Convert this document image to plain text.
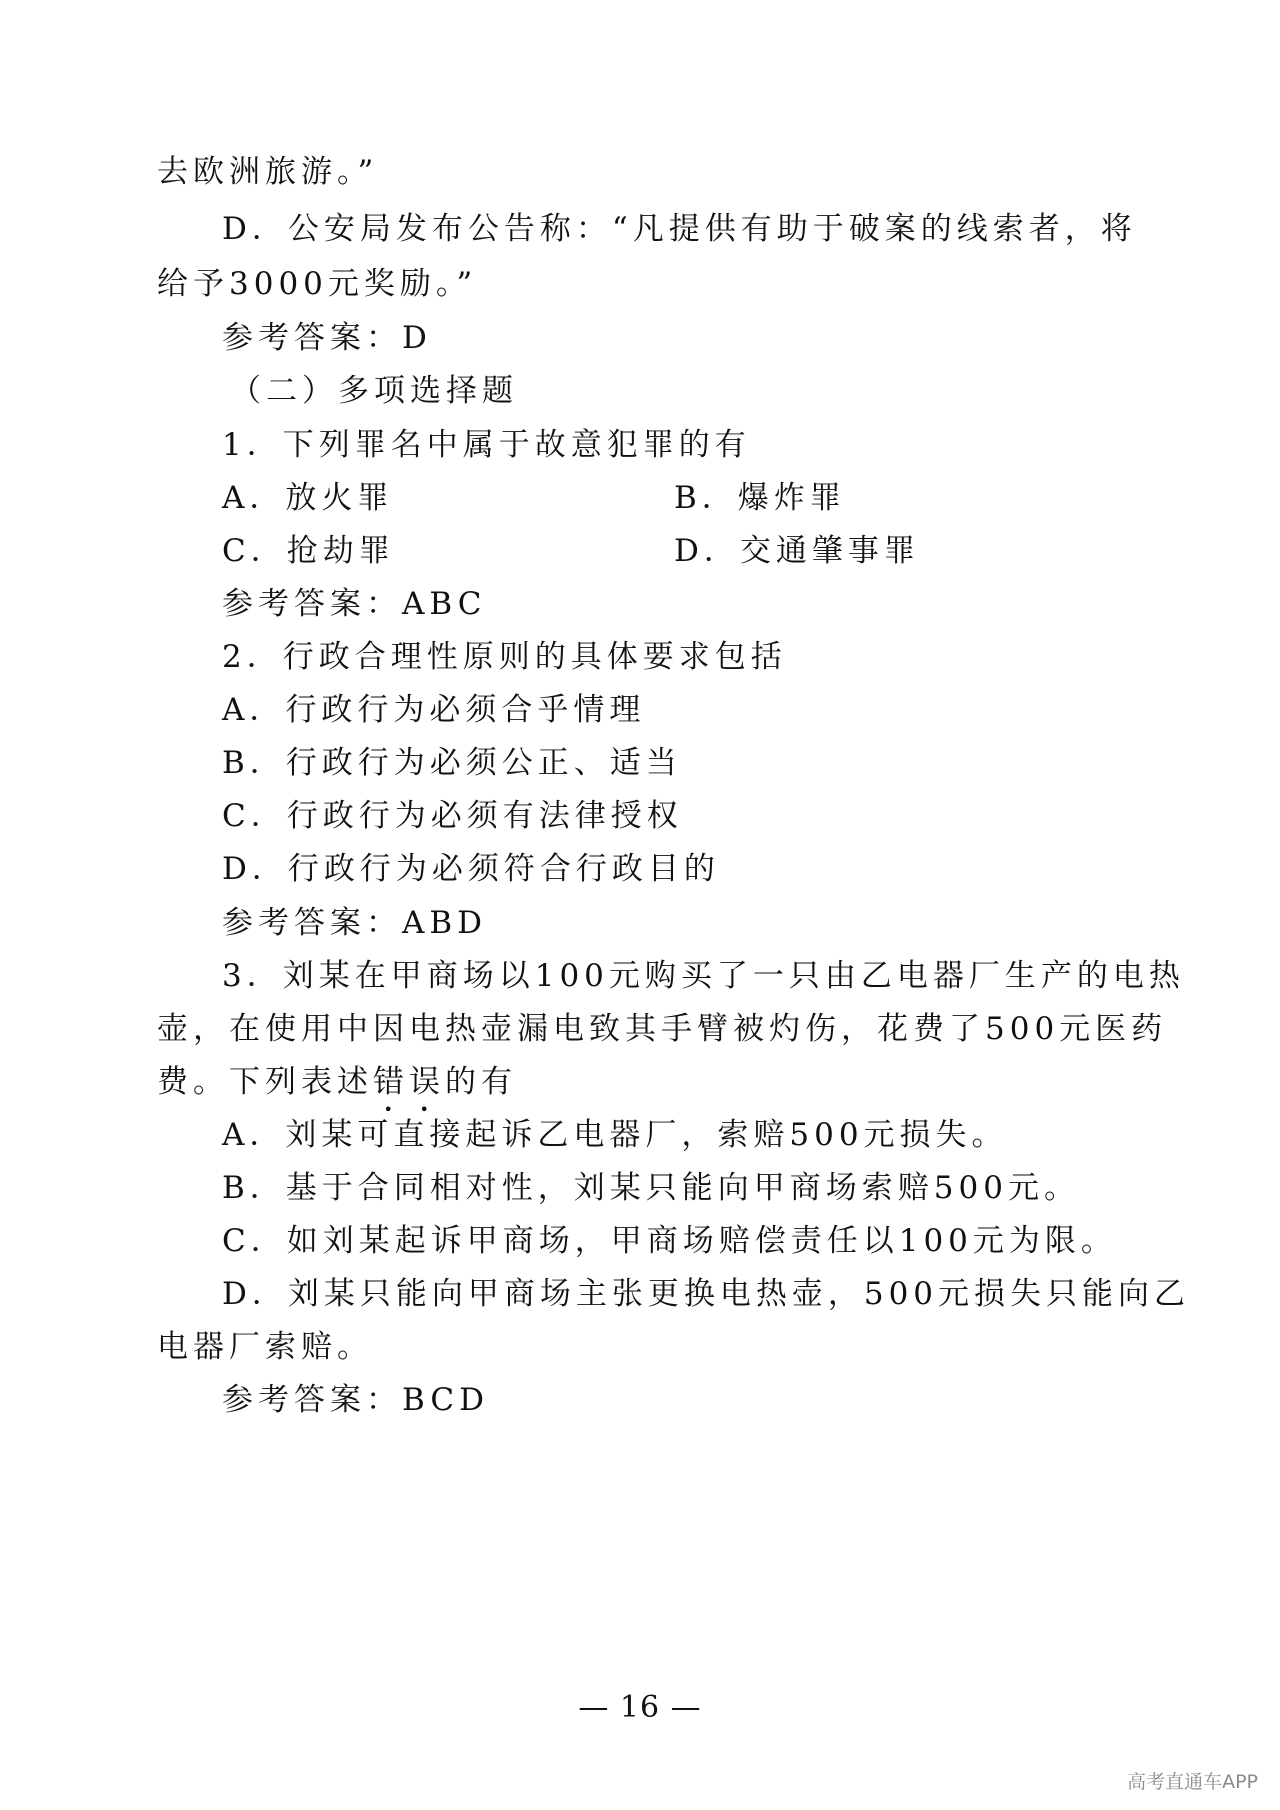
去欧洲旅游。”
D．公安局发布公告称：“凡提供有助于破案的线索者，将
给予3000元奖励。”
参考答案：D
（二）多项选择题
1．下列罪名中属于故意犯罪的有
A．放火罪	B．爆炸罪
C．抢劫罪	D．交通肇事罪
参考答案：ABC
2．行政合理性原则的具体要求包括
A．行政行为必须合乎情理
B．行政行为必须公正、适当
C．行政行为必须有法律授权
D．行政行为必须符合行政目的
参考答案：ABD
3．刘某在甲商场以100元购买了一只由乙电器厂生产的电热
壶，在使用中因电热壶漏电致其手臂被灼伤，花费了500元医药
费。下列表述错误的有
A．刘某可直接起诉乙电器厂，索赔500元损失。
B．基于合同相对性，刘某只能向甲商场索赔500元。
C．如刘某起诉甲商场，甲商场赔偿责任以100元为限。
D．刘某只能向甲商场主张更换电热壶，500元损失只能向乙
电器厂索赔。
参考答案：BCD
— 16 —
高考直通车APP
